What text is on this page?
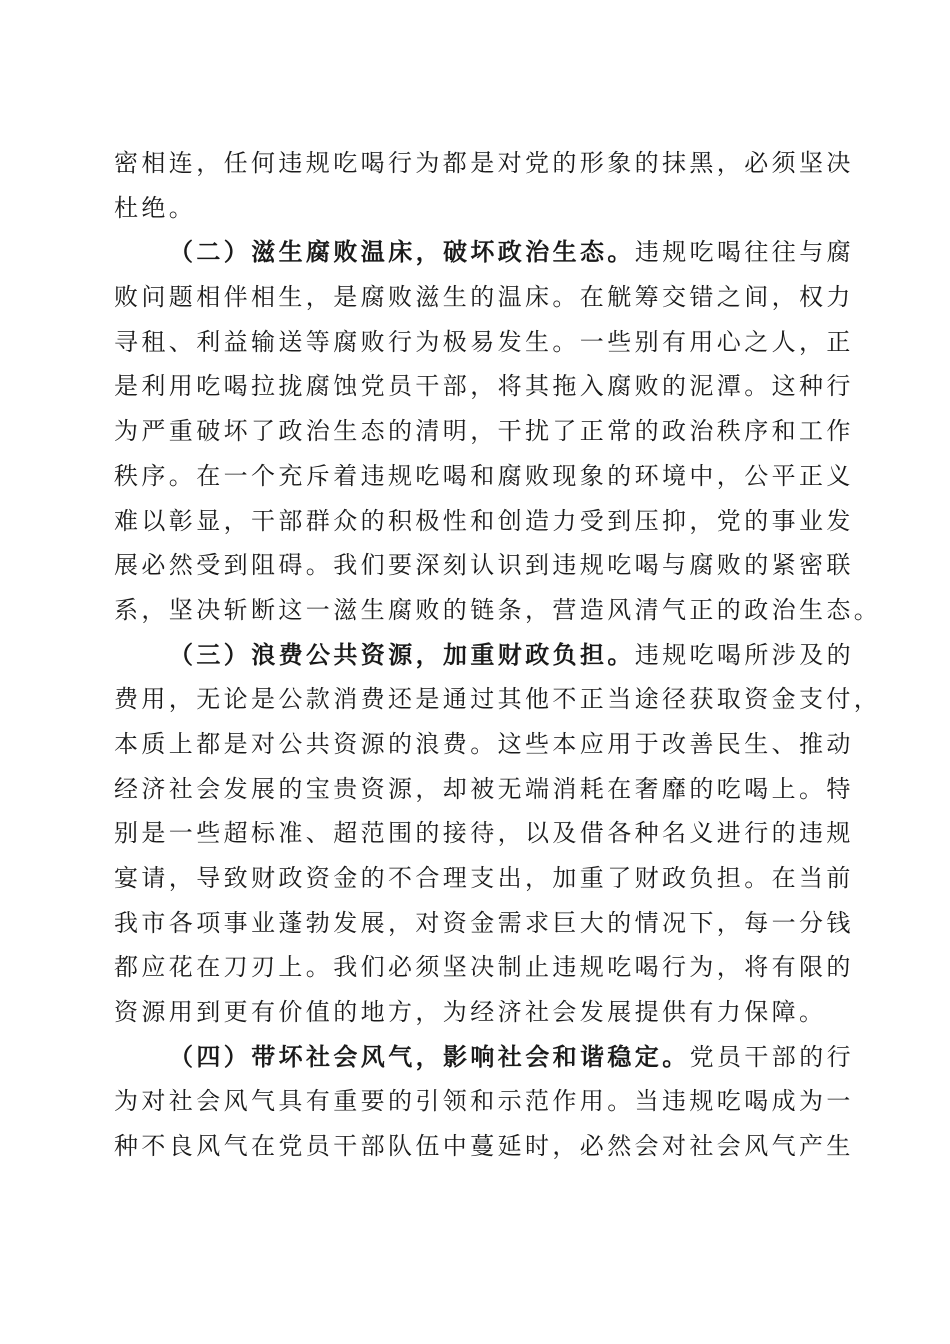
密相连，任何违规吃喝行为都是对党的形象的抹黑，必须坚决
杜绝。
（二）滋生腐败温床，破坏政治生态。违规吃喝往往与腐
败问题相伴相生，是腐败滋生的温床。在觥筹交错之间，权力
寻租、利益输送等腐败行为极易发生。一些别有用心之人，正
是利用吃喝拉拢腐蚀党员干部，将其拖入腐败的泥潭。这种行
为严重破坏了政治生态的清明，干扰了正常的政治秩序和工作
秩序。在一个充斥着违规吃喝和腐败现象的环境中，公平正义
难以彰显，干部群众的积极性和创造力受到压抑，党的事业发
展必然受到阻碍。我们要深刻认识到违规吃喝与腐败的紧密联
系，坚决斩断这一滋生腐败的链条，营造风清气正的政治生态。
（三）浪费公共资源，加重财政负担。违规吃喝所涉及的
费用，无论是公款消费还是通过其他不正当途径获取资金支付，
本质上都是对公共资源的浪费。这些本应用于改善民生、推动
经济社会发展的宝贵资源，却被无端消耗在奢靡的吃喝上。特
别是一些超标准、超范围的接待，以及借各种名义进行的违规
宴请，导致财政资金的不合理支出，加重了财政负担。在当前
我市各项事业蓬勃发展，对资金需求巨大的情况下，每一分钱
都应花在刀刃上。我们必须坚决制止违规吃喝行为，将有限的
资源用到更有价值的地方，为经济社会发展提供有力保障。
（四）带坏社会风气，影响社会和谐稳定。党员干部的行
为对社会风气具有重要的引领和示范作用。当违规吃喝成为一
种不良风气在党员干部队伍中蔓延时，必然会对社会风气产生
